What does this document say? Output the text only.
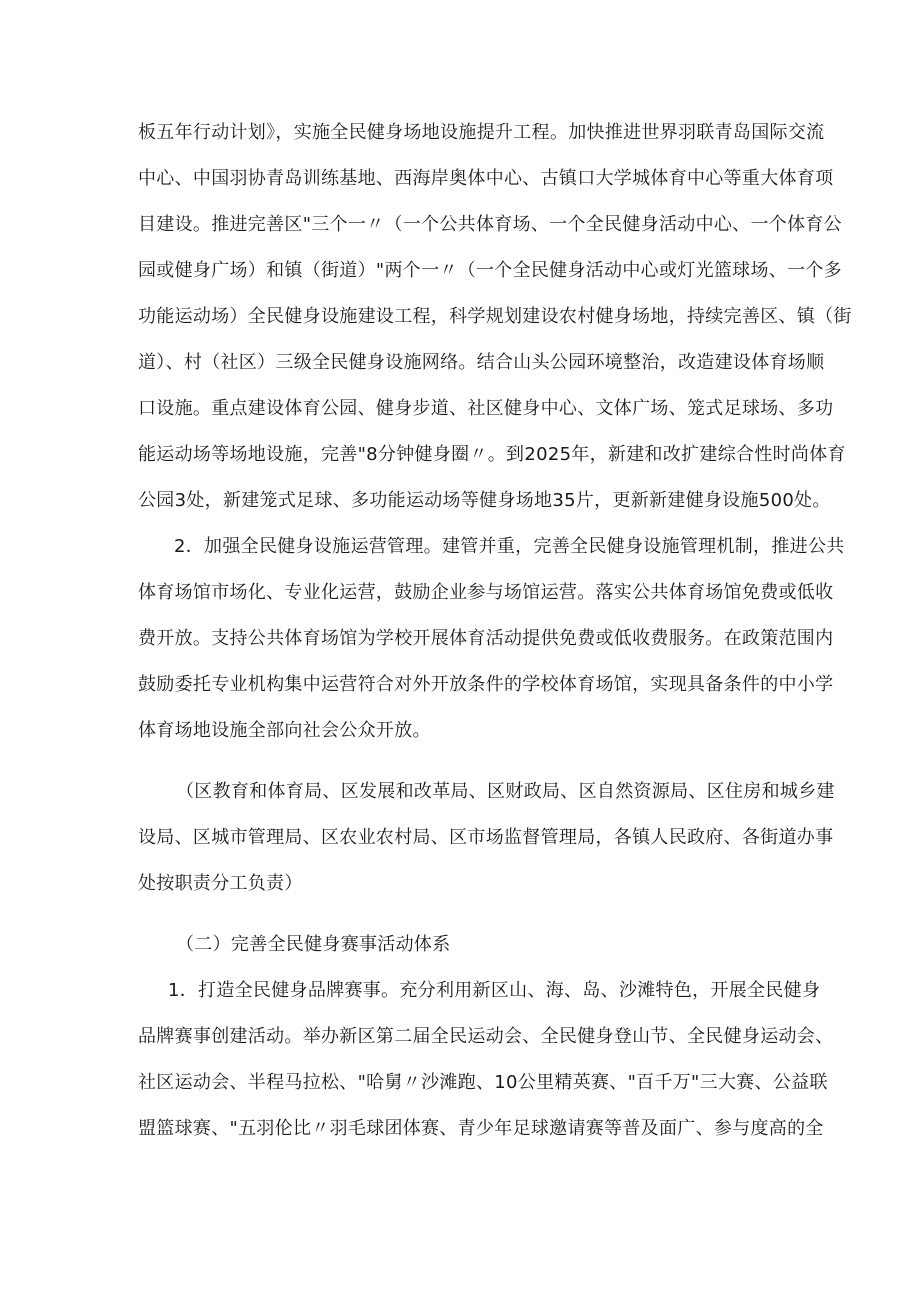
板五年行动计划》，实施全民健身场地设施提升工程。加快推进世界羽联青岛国际交流
中心、中国羽协青岛训练基地、西海岸奥体中心、古镇口大学城体育中心等重大体育项
目建设。推进完善区"三个一〃（一个公共体育场、一个全民健身活动中心、一个体育公
园或健身广场）和镇（街道）"两个一〃（一个全民健身活动中心或灯光篮球场、一个多
功能运动场）全民健身设施建设工程，科学规划建设农村健身场地，持续完善区、镇（街
道）、村（社区）三级全民健身设施网络。结合山头公园环境整治，改造建设体育场顺
口设施。重点建设体育公园、健身步道、社区健身中心、文体广场、笼式足球场、多功
能运动场等场地设施，完善"8分钟健身圈〃。到2025年，新建和改扩建综合性时尚体育
公园3处，新建笼式足球、多功能运动场等健身场地35片，更新新建健身设施500处。
2．加强全民健身设施运营管理。建管并重，完善全民健身设施管理机制，推进公共
体育场馆市场化、专业化运营，鼓励企业参与场馆运营。落实公共体育场馆免费或低收
费开放。支持公共体育场馆为学校开展体育活动提供免费或低收费服务。在政策范围内
鼓励委托专业机构集中运营符合对外开放条件的学校体育场馆，实现具备条件的中小学
体育场地设施全部向社会公众开放。
（区教育和体育局、区发展和改革局、区财政局、区自然资源局、区住房和城乡建
设局、区城市管理局、区农业农村局、区市场监督管理局，各镇人民政府、各街道办事
处按职责分工负责）
（二）完善全民健身赛事活动体系
1．打造全民健身品牌赛事。充分利用新区山、海、岛、沙滩特色，开展全民健身
品牌赛事创建活动。举办新区第二届全民运动会、全民健身登山节、全民健身运动会、
社区运动会、半程马拉松、"哈舅〃沙滩跑、10公里精英赛、"百千万"三大赛、公益联
盟篮球赛、"五羽伦比〃羽毛球团体赛、青少年足球邀请赛等普及面广、参与度高的全
